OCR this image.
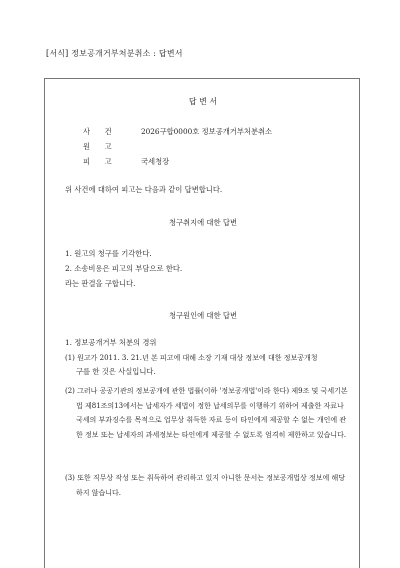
[서식] 정보공개거부처분취소 : 답변서
답 변 서
사　　건	2026구합0000호 정보공개거부처분취소
원　　고
피　　고	국세청장
위 사건에 대하여 피고는 다음과 같이 답변합니다.
청구취지에 대한 답변
1. 원고의 청구를 기각한다.
2. 소송비용은 피고의 부담으로 한다.
라는 판결을 구합니다.
청구원인에 대한 답변
1. 정보공개거부 처분의 경위
(1) 원고가 2011. 3. 21.년 본 피고에 대해 소장 기재 대상 정보에 대한 정보공개청
구를 한 것은 사실입니다.
(2) 그러나 공공기관의 정보공개에 관한 법률(이하 '정보공개법'이라 한다) 제9조 및 국세기본법 제81조의13에서는 납세자가 세법이 정한 납세의무를 이행하기 위하여 제출한 자료나 국세의 부과징수를 목적으로 업무상 취득한 자료 등이 타인에게 제공할 수 없는 개인에 관한 정보 또는 납세자의 과세정보는 타인에게 제공할 수 없도록 엄격히 제한하고 있습니다.
(3) 또한 직무상 작성 또는 취득하여 관리하고 있지 아니한 문서는 정보공개법상 정보에 해당하지 않습니다.
